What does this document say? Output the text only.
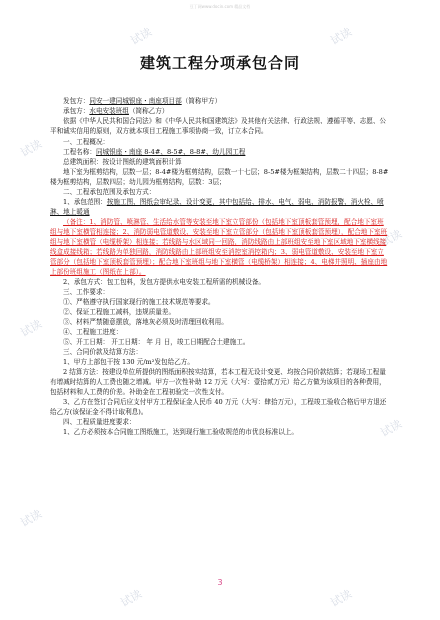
豆丁网www.docin.com 精品文档
试读	试读
试读
试读
试读
试读
试读
试读	试读
建筑工程分项承包合同

发包方：同安一建同城银座・南座项目部（简称甲方）

承包方：水电安装班组（简称乙方）

依据《中华人民共和国合同法》和《中华人民共和国建筑法》及其他有关法律、行政法规、遵循平等、志愿、公平和诚实信用的原则，双方就本项目工程施工事项协商一致，订立本合同。

一、工程概况：

工程名称：同城银座・南座 8-4#、8-5#、8-8#、幼儿园工程

总建筑面积：按设计图纸的建筑面积计算

地下室为框剪结构，层数一层；8-4#楼为框剪结构，层数一十七层；8-5#楼为框架结构，层数二十四层；8-8#楼为框剪结构，层数四层；幼儿园为框剪结构，层数：3层；

二、工程承包范围及承包方式：

1、承包范围：按施工图、图纸会审纪录、设计变更，其中包括给、排水、电气、弱电、消防报警、消火栓、喷淋、地上暖通

（备注：1、消防管、喷淋管、生活给水管等安装至地下室立管部份（包括地下室顶板套管预埋，配合地下室班组与地下室横管相连接；2、消防弱电管道敷设、安装至地下室立管部分（包括地下室顶板套管预埋），配合地下室班组与地下室横管（电缆桥架）相连接；若线路与水区域同一回路，消防线路由上部班组安至地下室区域地下室横线接线盒成接线箱；若线路为单独回路，消防线路由上部班组安至消控室消控箱内；3、弱电管道敷设、安装至地下室立管部分（包括地下室顶板套管预埋）；配合地下室班组与地下室横管（电缆桥架）相连接；4、电梯井照明、插座由地上部份班组施工（图纸在上部）。

2、承包方式：包工包料，发包方提供水电安装工程所需的机械设备。

三、工作要求：

①、严格遵守执行国家现行的施工技术规范等要求。

②、保证工程施工减料，违规质量差。

③、材料严禁随意摆放，落地灰必须及时清理回收利用。

④、工程施工进度：

⑤、开工日期： 开工日期： 年 月 日，竣工日期配合土建施工。

三、合同价款及结算方法：

1、甲方上部包干按 130 元/m²发包给乙方。

2 结算方法：按建设单位所提供的图纸面积按实结算，若本工程无设计变更、均按合同价款结算；若现场工程量有增减时结算的人工费也随之增减。甲方一次性补助 12 万元（大写：壹拾贰万元）给乙方做为该项目的各种费用，包括材料和人工费的价差。补助金在工程初验完一次性支付。

3、乙方在签订合同后应支付甲方工程保证金人民币 40 万元（大写：肆拾万元），工程竣工验收合格后甲方退还给乙方(该保证金不得计取利息)。

四、工程质量进度要求：

1、乙方必须按本合同施工图纸施工，达到现行施工验收规范的市优良标准以上。

3
